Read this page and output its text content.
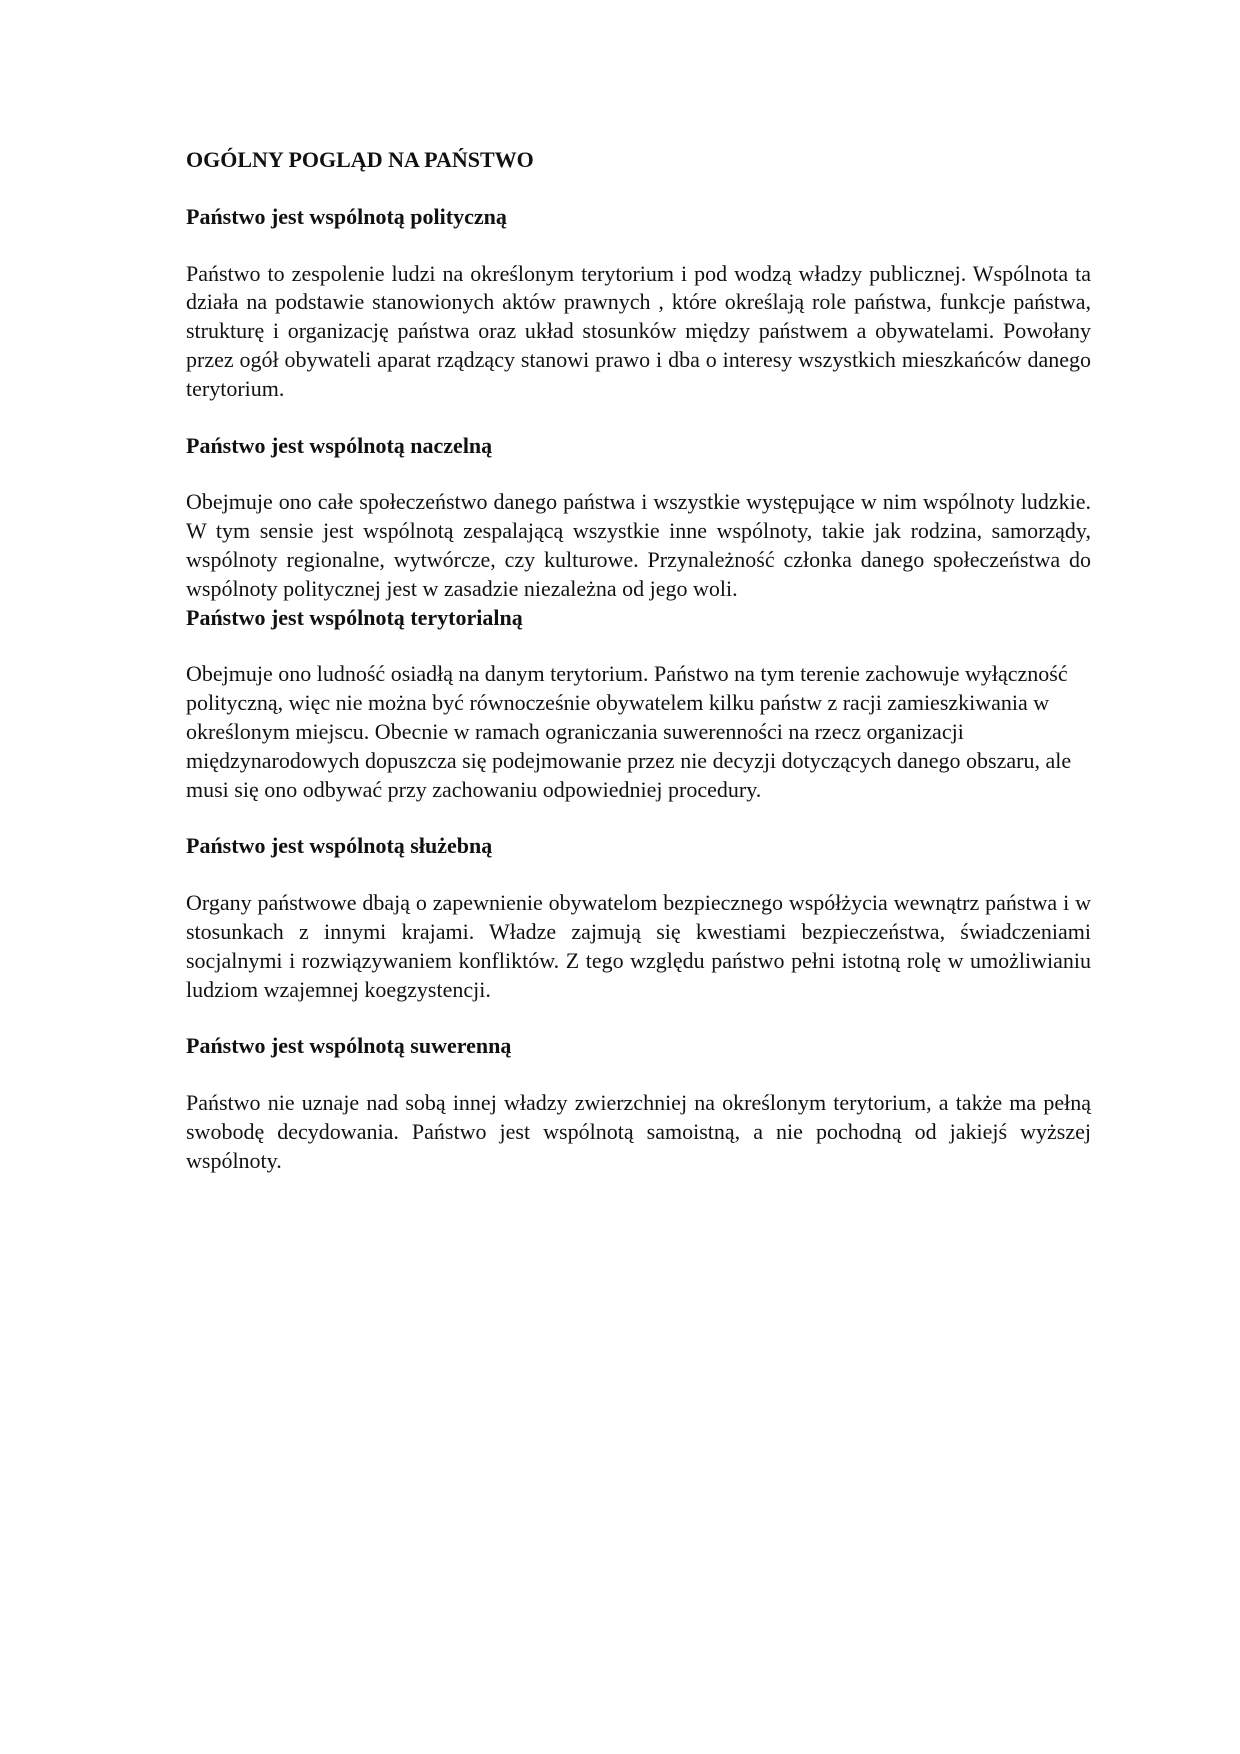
OGÓLNY POGLĄD NA PAŃSTWO
Państwo jest wspólnotą polityczną
Państwo to zespolenie ludzi na określonym terytorium i pod wodzą władzy publicznej. Wspólnota ta działa na podstawie stanowionych aktów prawnych , które określają role państwa, funkcje państwa, strukturę i organizację państwa oraz układ stosunków między państwem a obywatelami. Powołany przez ogół obywateli aparat rządzący stanowi prawo i dba o interesy wszystkich mieszkańców danego terytorium.
Państwo jest wspólnotą naczelną
Obejmuje ono całe społeczeństwo danego państwa i wszystkie występujące w nim wspólnoty ludzkie. W tym sensie jest wspólnotą zespalającą wszystkie inne wspólnoty, takie jak rodzina, samorządy, wspólnoty regionalne, wytwórcze, czy kulturowe. Przynależność członka danego społeczeństwa do wspólnoty politycznej jest w zasadzie niezależna od jego woli.
Państwo jest wspólnotą terytorialną
Obejmuje ono ludność osiadłą na danym terytorium. Państwo na tym terenie zachowuje wyłączność polityczną, więc nie można być równocześnie obywatelem kilku państw z racji zamieszkiwania w określonym miejscu. Obecnie w ramach ograniczania suwerenności na rzecz organizacji międzynarodowych dopuszcza się podejmowanie przez nie decyzji dotyczących danego obszaru, ale musi się ono odbywać przy zachowaniu odpowiedniej procedury.
Państwo jest wspólnotą służebną
Organy państwowe dbają o zapewnienie obywatelom bezpiecznego współżycia wewnątrz państwa i w stosunkach z innymi krajami. Władze zajmują się kwestiami bezpieczeństwa, świadczeniami socjalnymi i rozwiązywaniem konfliktów. Z tego względu państwo pełni istotną rolę w umożliwianiu ludziom wzajemnej koegzystencji.
Państwo jest wspólnotą suwerenną
Państwo nie uznaje nad sobą innej władzy zwierzchniej na określonym terytorium, a także ma pełną swobodę decydowania. Państwo jest wspólnotą samoistną, a nie pochodną od jakiejś wyższej wspólnoty.
